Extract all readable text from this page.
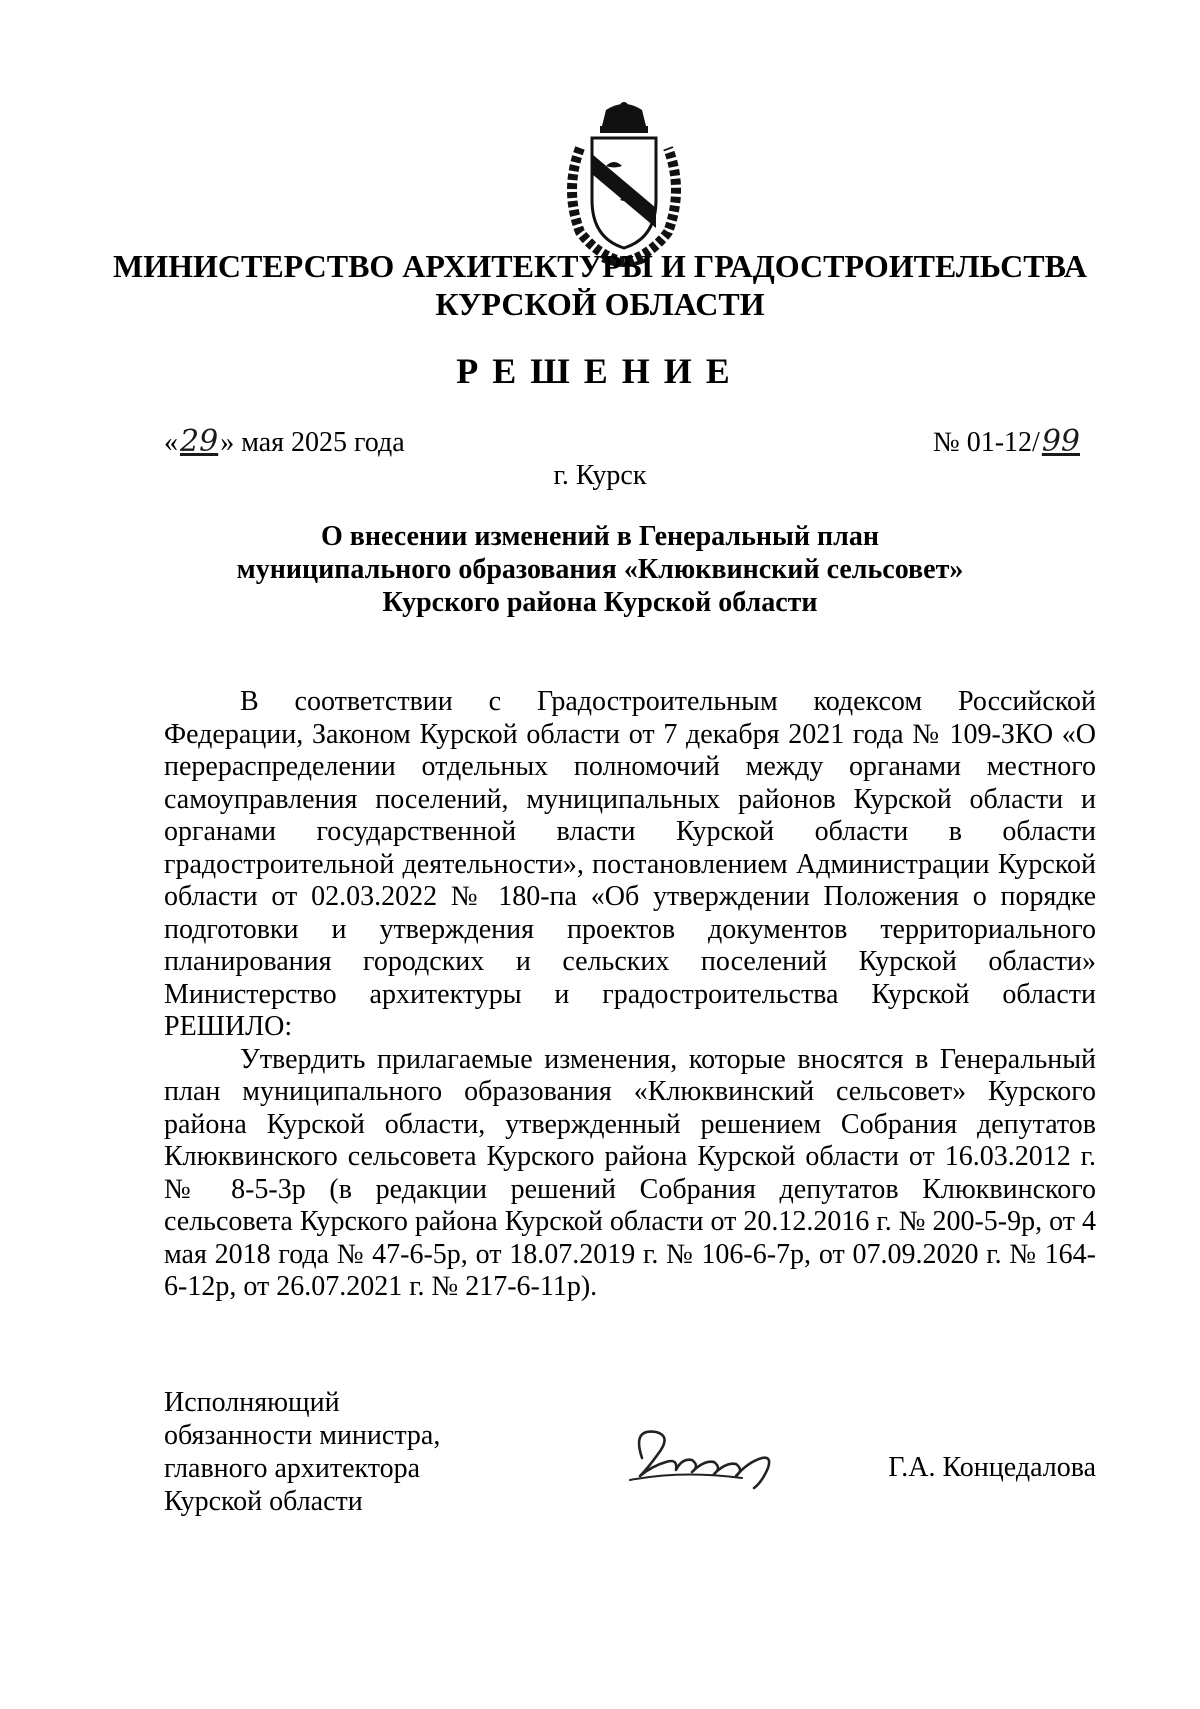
МИНИСТЕРСТВО АРХИТЕКТУРЫ И ГРАДОСТРОИТЕЛЬСТВА
КУРСКОЙ ОБЛАСТИ
РЕШЕНИЕ
«29» мая 2025 года	№ 01-12/99
г. Курск
О внесении изменений в Генеральный план
муниципального образования «Клюквинский сельсовет»
Курского района Курской области

В соответствии с Градостроительным кодексом Российской Федерации, Законом Курской области от 7 декабря 2021 года № 109-ЗКО «О перераспределении отдельных полномочий между органами местного самоуправления поселений, муниципальных районов Курской области и органами государственной власти Курской области в области градостроительной деятельности», постановлением Администрации Курской области от 02.03.2022 № 180-па «Об утверждении Положения о порядке подготовки и утверждения проектов документов территориального планирования городских и сельских поселений Курской области» Министерство архитектуры и градостроительства Курской области РЕШИЛО:

Утвердить прилагаемые изменения, которые вносятся в Генеральный план муниципального образования «Клюквинский сельсовет» Курского района Курской области, утвержденный решением Собрания депутатов Клюквинского сельсовета Курского района Курской области от 16.03.2012 г. № 8-5-3р (в редакции решений Собрания депутатов Клюквинского сельсовета Курского района Курской области от 20.12.2016 г. № 200-5-9р, от 4 мая 2018 года № 47-6-5р, от 18.07.2019 г. № 106-6-7р, от 07.09.2020 г. № 164-6-12р, от 26.07.2021 г. № 217-6-11р).

Исполняющий
обязанности министра,
главного архитектора
Курской области
Г.А. Концедалова
